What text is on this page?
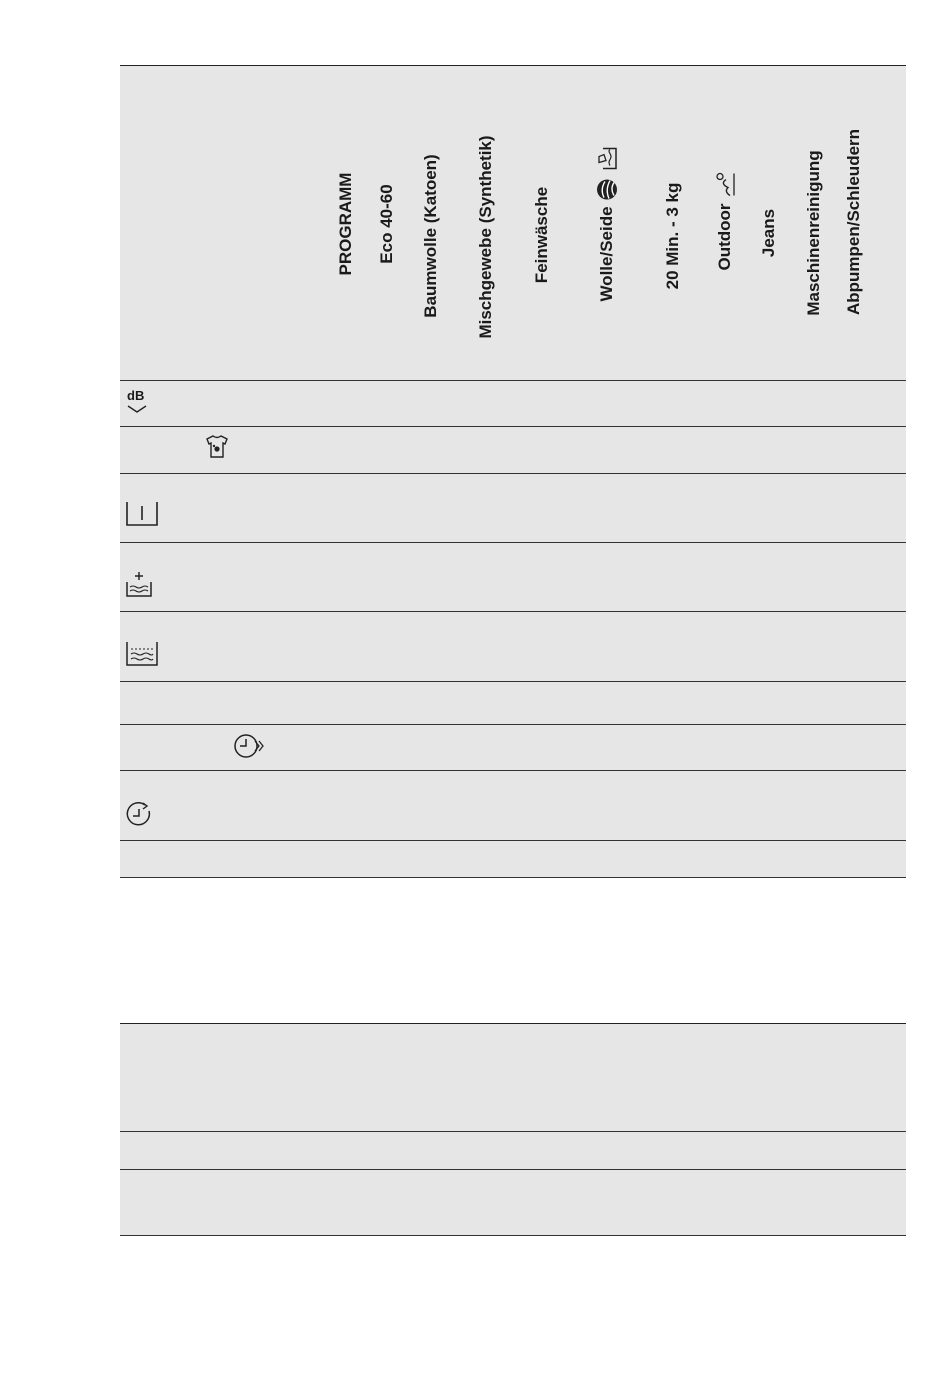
PROGRAMM Eco 40-60 Baumwolle (Katoen) Mischgewebe (Synthetik) Feinwäsche	Wolle/Seide	20 Min. - 3 kg Outdoor Jeans Maschinenreinigung Abpumpen/Schleudern
dB
